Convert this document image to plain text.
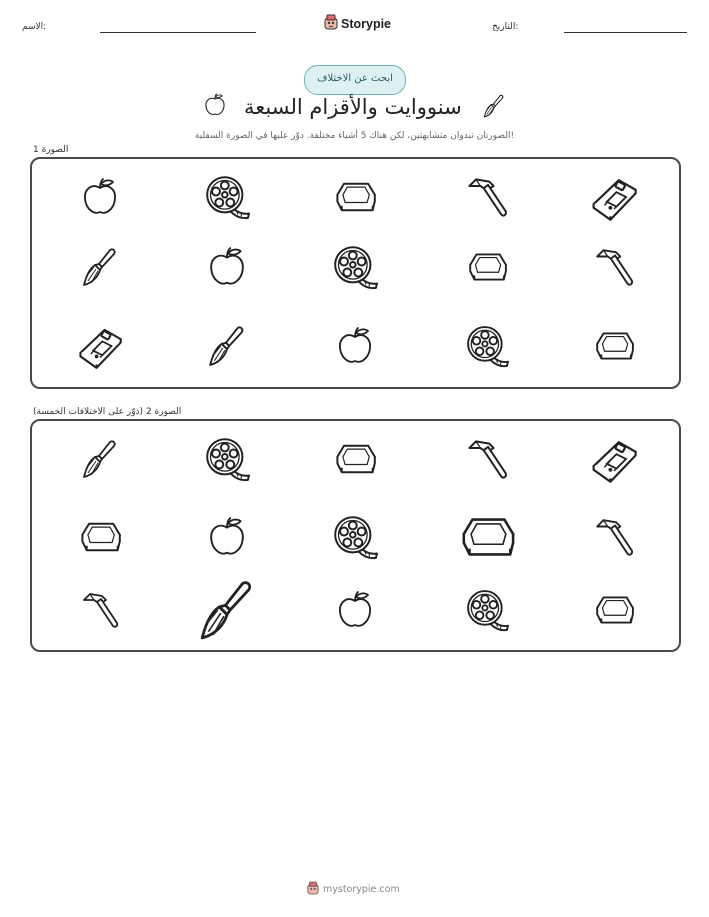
الاسم:	Storypie	التاريخ:
ابحث عن الاختلاف
سنووايت والأقزام السبعة
الصورتان تبدوان متشابهتين، لكن هناك 5 أشياء مختلفة. دوّر عليها في الصورة السفلية!
الصورة 1
الصورة 2 (دوّر على الاختلافات الخمسة)
mystorypie.com
